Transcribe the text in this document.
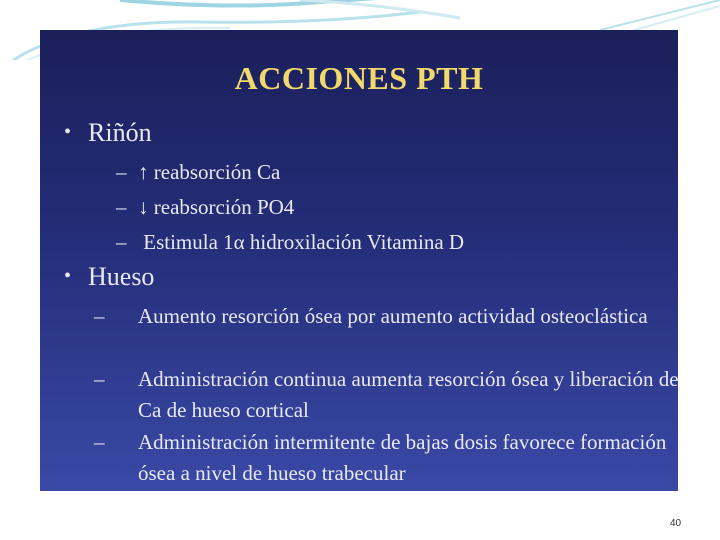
ACCIONES PTH
• Riñón
– ↑ reabsorción Ca
– ↓ reabsorción PO4
– Estimula 1α hidroxilación Vitamina D
• Hueso
– Aumento resorción ósea por aumento actividad osteoclástica
– Administración continua aumenta resorción ósea y liberación de Ca de hueso cortical
– Administración intermitente de bajas dosis favorece formación ósea a nivel de hueso trabecular
40
